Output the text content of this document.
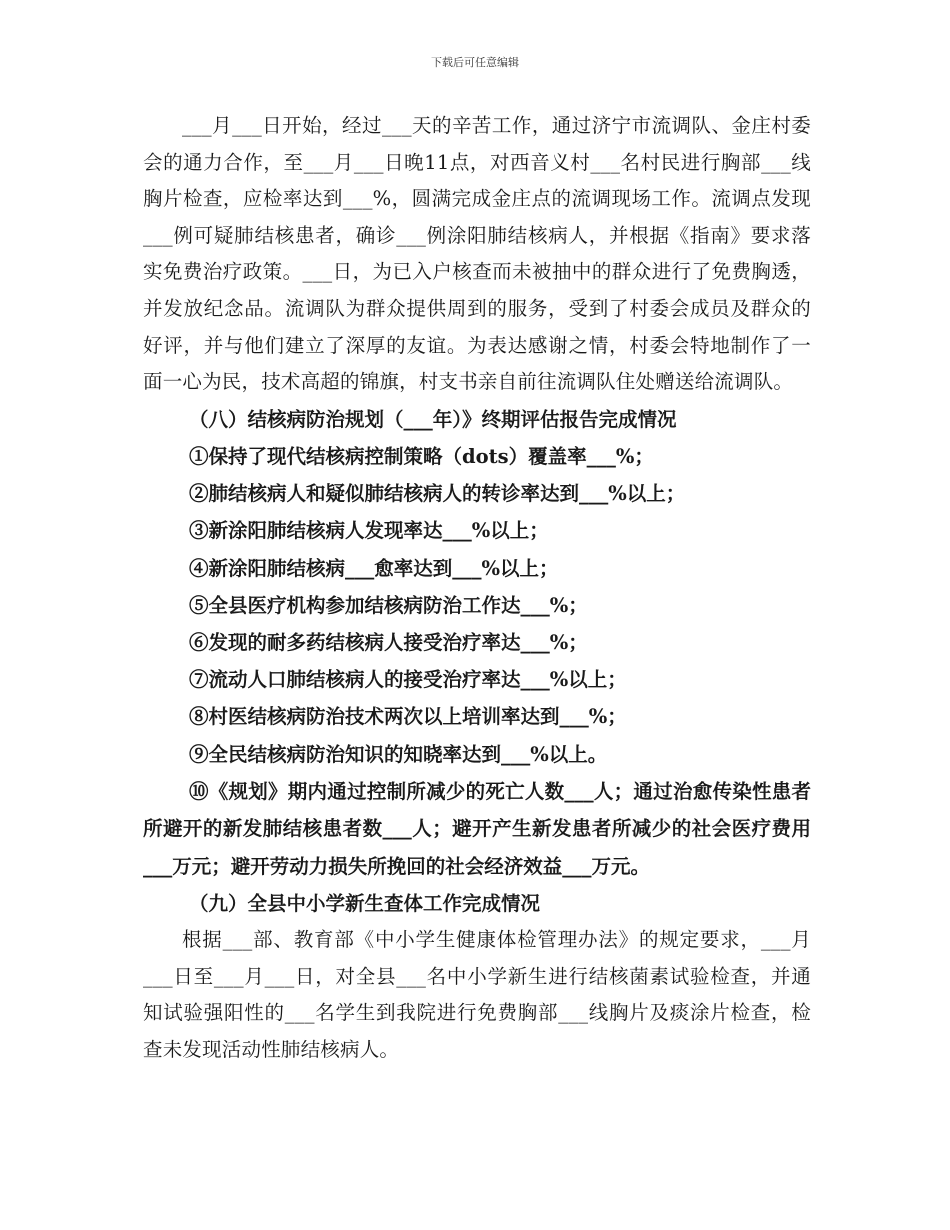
下载后可任意编辑

___月___日开始，经过___天的辛苦工作，通过济宁市流调队、金庄村委会的通力合作，至___月___日晚11点，对西音义村___名村民进行胸部___线胸片检查，应检率达到___%，圆满完成金庄点的流调现场工作。流调点发现___例可疑肺结核患者，确诊___例涂阳肺结核病人，并根据《指南》要求落实免费治疗政策。___日，为已入户核查而未被抽中的群众进行了免费胸透，并发放纪念品。流调队为群众提供周到的服务，受到了村委会成员及群众的好评，并与他们建立了深厚的友谊。为表达感谢之情，村委会特地制作了一面一心为民，技术高超的锦旗，村支书亲自前往流调队住处赠送给流调队。

（八）结核病防治规划（___年）》终期评估报告完成情况

①保持了现代结核病控制策略（dots）覆盖率___%；

②肺结核病人和疑似肺结核病人的转诊率达到___%以上；

③新涂阳肺结核病人发现率达___%以上；

④新涂阳肺结核病___愈率达到___%以上；

⑤全县医疗机构参加结核病防治工作达___%；

⑥发现的耐多药结核病人接受治疗率达___%；

⑦流动人口肺结核病人的接受治疗率达___%以上；

⑧村医结核病防治技术两次以上培训率达到___%；

⑨全民结核病防治知识的知晓率达到___%以上。

⑩《规划》期内通过控制所减少的死亡人数___人；通过治愈传染性患者所避开的新发肺结核患者数___人；避开产生新发患者所减少的社会医疗费用___万元；避开劳动力损失所挽回的社会经济效益___万元。

（九）全县中小学新生查体工作完成情况

根据___部、教育部《中小学生健康体检管理办法》的规定要求，___月___日至___月___日，对全县___名中小学新生进行结核菌素试验检查，并通知试验强阳性的___名学生到我院进行免费胸部___线胸片及痰涂片检查，检查未发现活动性肺结核病人。
